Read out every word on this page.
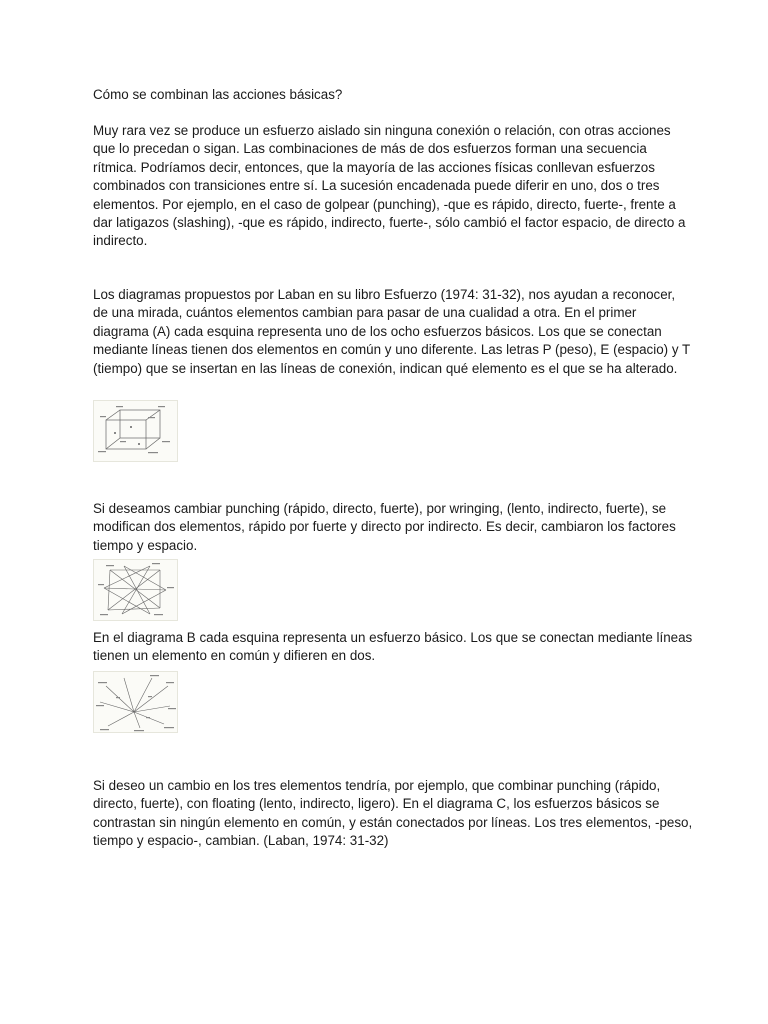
Cómo se combinan las acciones básicas?

Muy rara vez se produce un esfuerzo aislado sin ninguna conexión o relación, con otras acciones que lo precedan o sigan. Las combinaciones de más de dos esfuerzos forman una secuencia rítmica. Podríamos decir, entonces, que la mayoría de las acciones físicas conllevan esfuerzos combinados con transiciones entre sí. La sucesión encadenada puede diferir en uno, dos o tres elementos. Por ejemplo, en el caso de golpear (punching), -que es rápido, directo, fuerte-, frente a dar latigazos (slashing), -que es rápido, indirecto, fuerte-, sólo cambió el factor espacio, de directo a indirecto.

Los diagramas propuestos por Laban en su libro Esfuerzo (1974: 31-32), nos ayudan a reconocer, de una mirada, cuántos elementos cambian para pasar de una cualidad a otra. En el primer diagrama (A) cada esquina representa uno de los ocho esfuerzos básicos. Los que se conectan mediante líneas tienen dos elementos en común y uno diferente. Las letras P (peso), E (espacio) y T (tiempo) que se insertan en las líneas de conexión, indican qué elemento es el que se ha alterado.

Si deseamos cambiar punching (rápido, directo, fuerte), por wringing, (lento, indirecto, fuerte), se modifican dos elementos, rápido por fuerte y directo por indirecto. Es decir, cambiaron los factores tiempo y espacio.

En el diagrama B cada esquina representa un esfuerzo básico. Los que se conectan mediante líneas tienen un elemento en común y difieren en dos.

Si deseo un cambio en los tres elementos tendría, por ejemplo, que combinar punching (rápido, directo, fuerte), con floating (lento, indirecto, ligero). En el diagrama C, los esfuerzos básicos se contrastan sin ningún elemento en común, y están conectados por líneas. Los tres elementos, -peso, tiempo y espacio-, cambian. (Laban, 1974: 31-32)
